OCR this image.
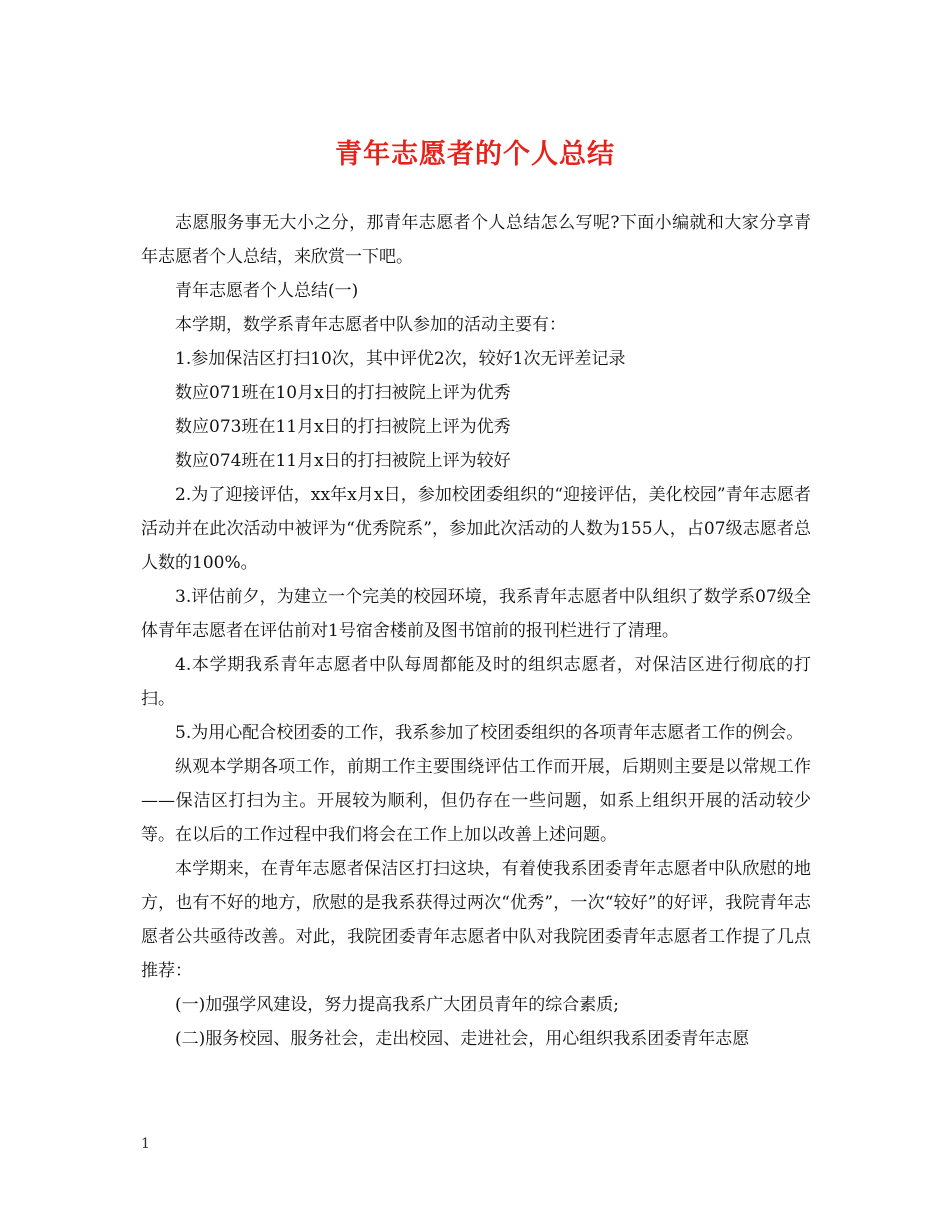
青年志愿者的个人总结

志愿服务事无大小之分，那青年志愿者个人总结怎么写呢?下面小编就和大家分享青年志愿者个人总结，来欣赏一下吧。

青年志愿者个人总结(一)

本学期，数学系青年志愿者中队参加的活动主要有：

1.参加保洁区打扫10次，其中评优2次，较好1次无评差记录

数应071班在10月x日的打扫被院上评为优秀

数应073班在11月x日的打扫被院上评为优秀

数应074班在11月x日的打扫被院上评为较好

2.为了迎接评估，xx年x月x日，参加校团委组织的“迎接评估，美化校园”青年志愿者活动并在此次活动中被评为“优秀院系”，参加此次活动的人数为155人，占07级志愿者总人数的100%。

3.评估前夕，为建立一个完美的校园环境，我系青年志愿者中队组织了数学系07级全体青年志愿者在评估前对1号宿舍楼前及图书馆前的报刊栏进行了清理。

4.本学期我系青年志愿者中队每周都能及时的组织志愿者，对保洁区进行彻底的打扫。

5.为用心配合校团委的工作，我系参加了校团委组织的各项青年志愿者工作的例会。

纵观本学期各项工作，前期工作主要围绕评估工作而开展，后期则主要是以常规工作——保洁区打扫为主。开展较为顺利，但仍存在一些问题，如系上组织开展的活动较少等。在以后的工作过程中我们将会在工作上加以改善上述问题。

本学期来，在青年志愿者保洁区打扫这块，有着使我系团委青年志愿者中队欣慰的地方，也有不好的地方，欣慰的是我系获得过两次“优秀”，一次“较好”的好评，我院青年志愿者公共亟待改善。对此，我院团委青年志愿者中队对我院团委青年志愿者工作提了几点推荐：

(一)加强学风建设，努力提高我系广大团员青年的综合素质;

(二)服务校园、服务社会，走出校园、走进社会，用心组织我系团委青年志愿

1
